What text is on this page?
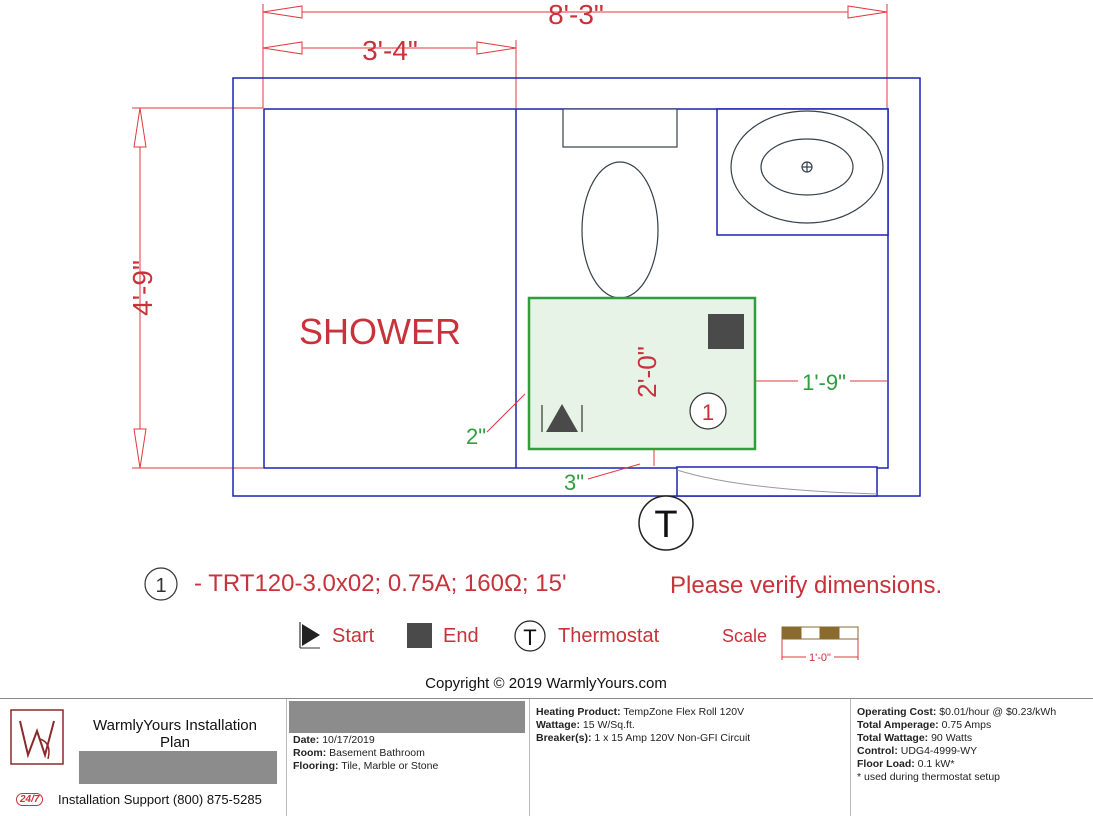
8'-3"
3'-4"
4'-9"
SHOWER
2'-0"
1
1'-9"
2"
3"
T
1 - TRT120-3.0x02; 0.75A; 160Ω; 15'	Please verify dimensions.
Start	End T Thermostat	Scale
1'-0"
Copyright © 2019 WarmlyYours.com
WarmlyYours Installation Plan
24/7	Installation Support (800) 875-5285
Date: 10/17/2019
Room: Basement Bathroom
Flooring: Tile, Marble or Stone
Heating Product: TempZone Flex Roll 120V
Wattage: 15 W/Sq.ft.
Breaker(s): 1 x 15 Amp 120V Non-GFI Circuit
Operating Cost: $0.01/hour @ $0.23/kWh
Total Amperage: 0.75 Amps
Total Wattage: 90 Watts
Control: UDG4-4999-WY
Floor Load: 0.1 kW*
* used during thermostat setup
